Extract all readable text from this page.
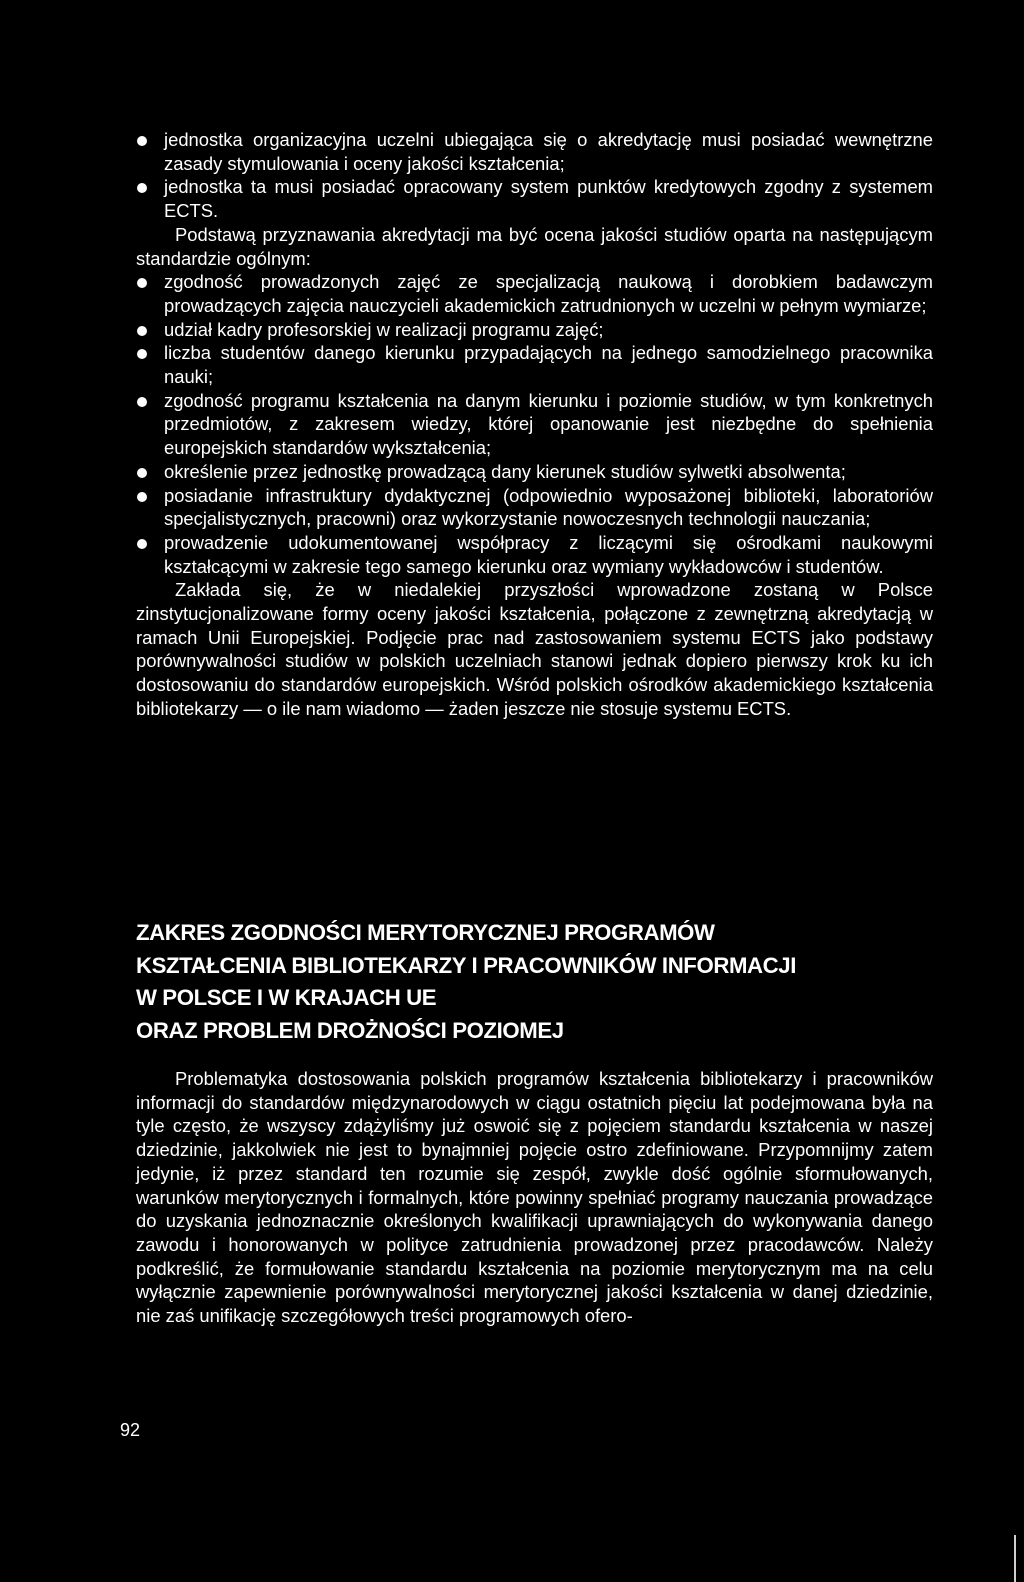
jednostka organizacyjna uczelni ubiegająca się o akredytację musi posiadać wewnętrzne zasady stymulowania i oceny jakości kształcenia;
jednostka ta musi posiadać opracowany system punktów kredytowych zgodny z systemem ECTS.

Podstawą przyznawania akredytacji ma być ocena jakości studiów oparta na następującym standardzie ogólnym:

zgodność prowadzonych zajęć ze specjalizacją naukową i dorobkiem badawczym prowadzących zajęcia nauczycieli akademickich zatrudnionych w uczelni w pełnym wymiarze;
udział kadry profesorskiej w realizacji programu zajęć;
liczba studentów danego kierunku przypadających na jednego samodzielnego pracownika nauki;
zgodność programu kształcenia na danym kierunku i poziomie studiów, w tym konkretnych przedmiotów, z zakresem wiedzy, której opanowanie jest niezbędne do spełnienia europejskich standardów wykształcenia;
określenie przez jednostkę prowadzącą dany kierunek studiów sylwetki absolwenta;
posiadanie infrastruktury dydaktycznej (odpowiednio wyposażonej biblioteki, laboratoriów specjalistycznych, pracowni) oraz wykorzystanie nowoczesnych technologii nauczania;
prowadzenie udokumentowanej współpracy z liczącymi się ośrodkami naukowymi kształcącymi w zakresie tego samego kierunku oraz wymiany wykładowców i studentów.

Zakłada się, że w niedalekiej przyszłości wprowadzone zostaną w Polsce zinstytucjonalizowane formy oceny jakości kształcenia, połączone z zewnętrzną akredytacją w ramach Unii Europejskiej. Podjęcie prac nad zastosowaniem systemu ECTS jako podstawy porównywalności studiów w polskich uczelniach stanowi jednak dopiero pierwszy krok ku ich dostosowaniu do standardów europejskich. Wśród polskich ośrodków akademickiego kształcenia bibliotekarzy — o ile nam wiadomo — żaden jeszcze nie stosuje systemu ECTS.

ZAKRES ZGODNOŚCI MERYTORYCZNEJ PROGRAMÓW
KSZTAŁCENIA BIBLIOTEKARZY I PRACOWNIKÓW INFORMACJI
W POLSCE I W KRAJACH UE
ORAZ PROBLEM DROŻNOŚCI POZIOMEJ

Problematyka dostosowania polskich programów kształcenia bibliotekarzy i pracowników informacji do standardów międzynarodowych w ciągu ostatnich pięciu lat podejmowana była na tyle często, że wszyscy zdążyliśmy już oswoić się z pojęciem standardu kształcenia w naszej dziedzinie, jakkolwiek nie jest to bynajmniej pojęcie ostro zdefiniowane. Przypomnijmy zatem jedynie, iż przez standard ten rozumie się zespół, zwykle dość ogólnie sformułowanych, warunków merytorycznych i formalnych, które powinny spełniać programy nauczania prowadzące do uzyskania jednoznacznie określonych kwalifikacji uprawniających do wykonywania danego zawodu i honorowanych w polityce zatrudnienia prowadzonej przez pracodawców. Należy podkreślić, że formułowanie standardu kształcenia na poziomie merytorycznym ma na celu wyłącznie zapewnienie porównywalności merytorycznej jakości kształcenia w danej dziedzinie, nie zaś unifikację szczegółowych treści programowych ofero-

92
